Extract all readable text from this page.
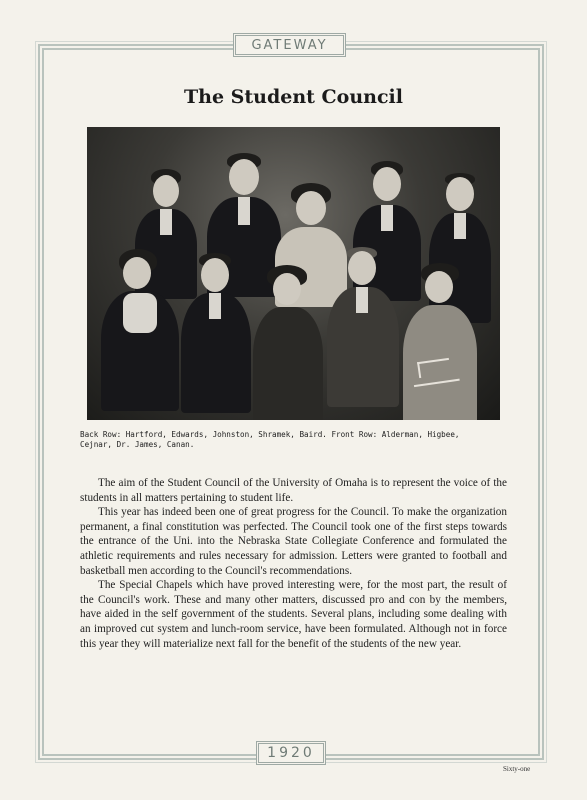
GATEWAY
The Student Council
Back Row: Hartford, Edwards, Johnston, Shramek, Baird. Front Row: Alderman, Higbee,
Cejnar, Dr. James, Canan.

The aim of the Student Council of the University of Omaha is to represent the voice of the students in all matters pertaining to student life.

This year has indeed been one of great progress for the Council. To make the organization permanent, a final constitution was perfected. The Council took one of the first steps towards the entrance of the Uni. into the Nebraska State Collegiate Conference and formulated the athletic requirements and rules necessary for admission. Letters were granted to football and basketball men according to the Council's recommendations.

The Special Chapels which have proved interesting were, for the most part, the result of the Council's work. These and many other matters, discussed pro and con by the members, have aided in the self government of the students. Several plans, including some dealing with an improved cut system and lunch-room service, have been formulated. Although not in force this year they will materialize next fall for the benefit of the students of the new year.

1920
Sixty-one
